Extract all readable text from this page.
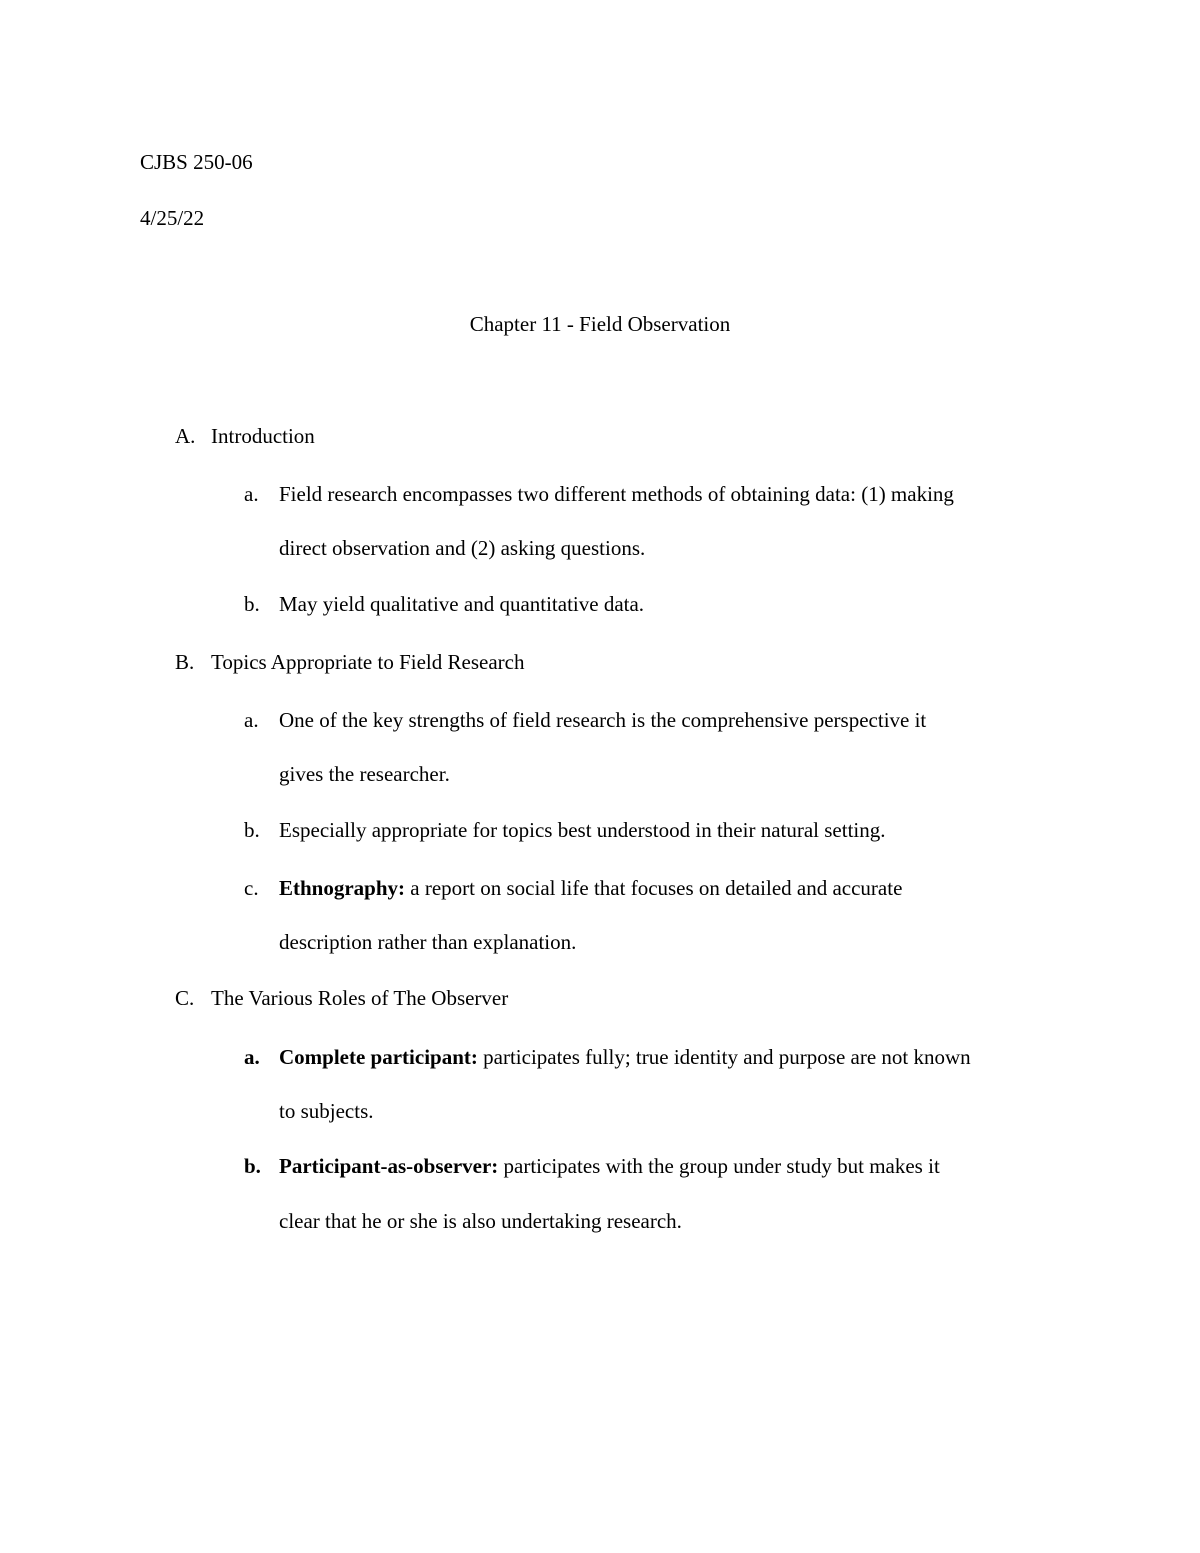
CJBS 250-06
4/25/22
Chapter 11 - Field Observation
A. Introduction
a. Field research encompasses two different methods of obtaining data: (1) making
direct observation and (2) asking questions.
b. May yield qualitative and quantitative data.
B. Topics Appropriate to Field Research
a. One of the key strengths of field research is the comprehensive perspective it
gives the researcher.
b. Especially appropriate for topics best understood in their natural setting.
c. Ethnography: a report on social life that focuses on detailed and accurate
description rather than explanation.
C. The Various Roles of The Observer
a. Complete participant: participates fully; true identity and purpose are not known
to subjects.
b. Participant-as-observer: participates with the group under study but makes it
clear that he or she is also undertaking research.
